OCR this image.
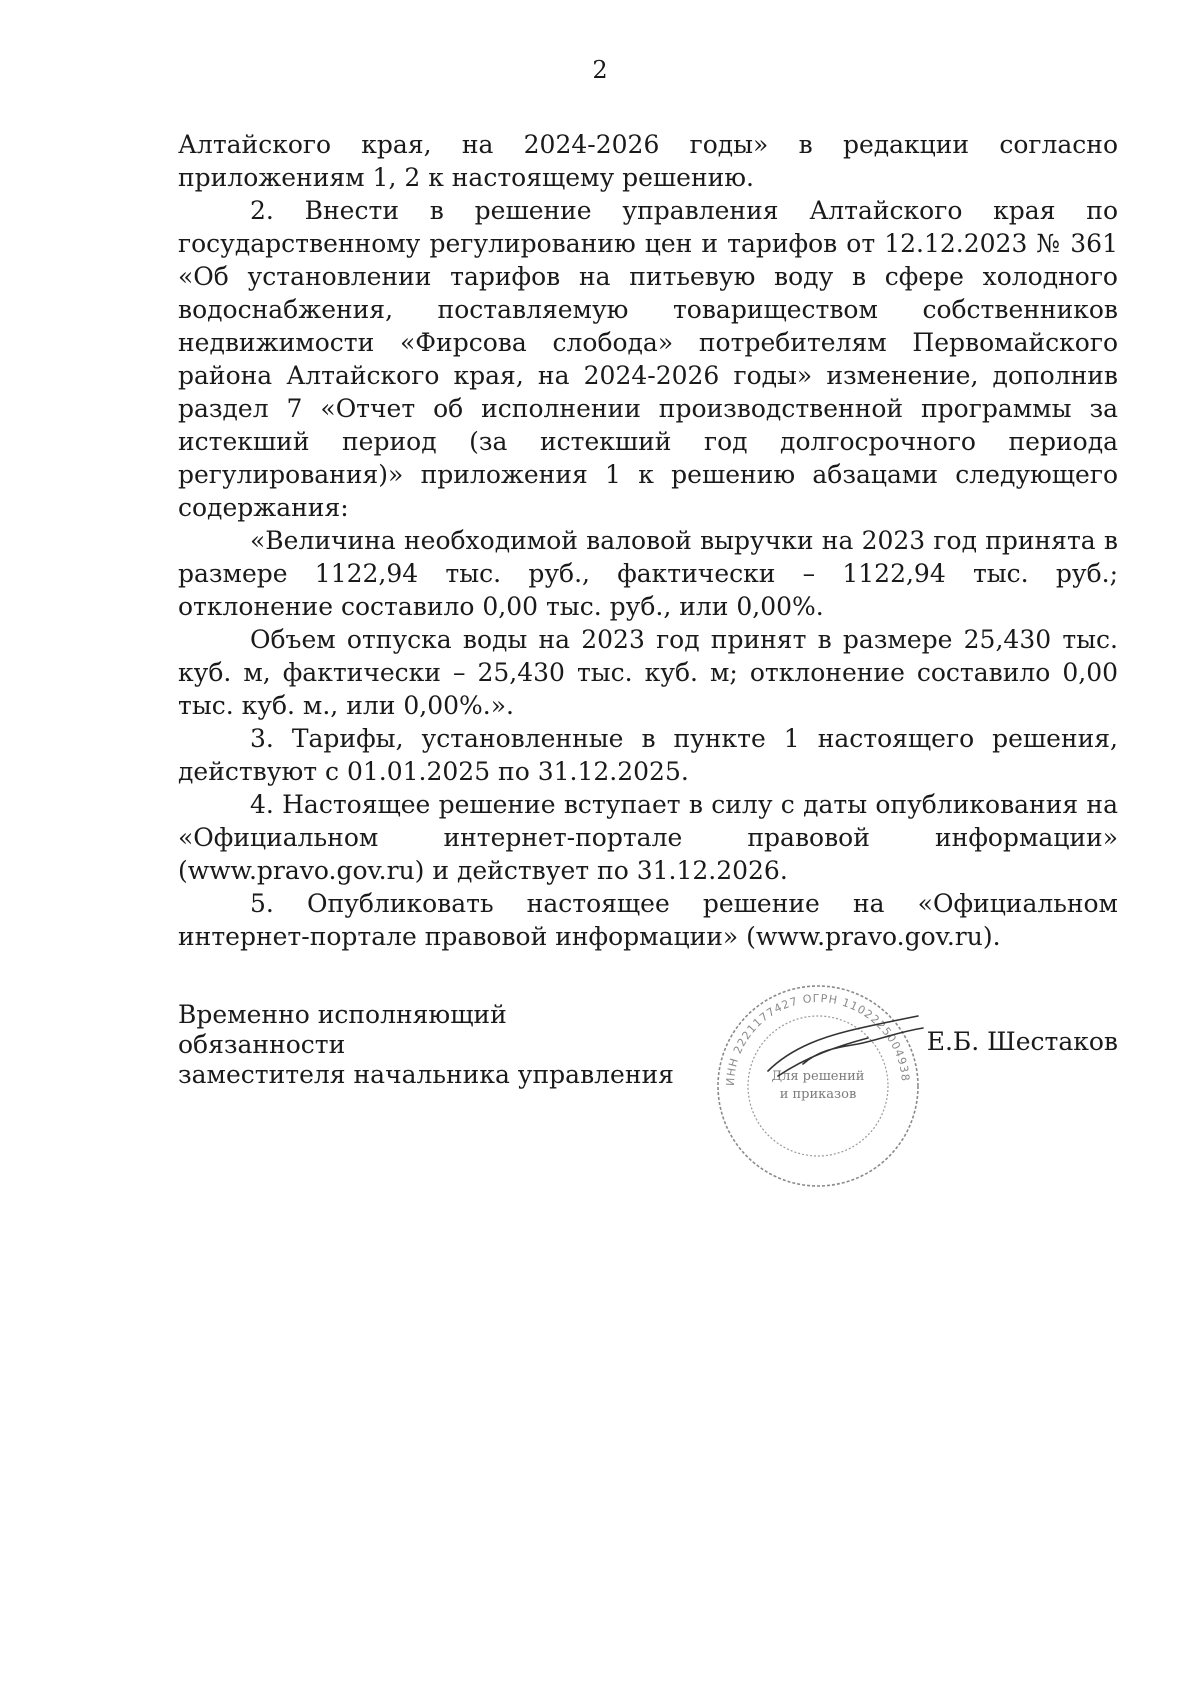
2

Алтайского края, на 2024-2026 годы» в редакции согласно приложениям 1, 2 к настоящему решению.

2. Внести в решение управления Алтайского края по государственному регулированию цен и тарифов от 12.12.2023 № 361 «Об установлении тарифов на питьевую воду в сфере холодного водоснабжения, поставляемую товариществом собственников недвижимости «Фирсова слобода» потребителям Первомайского района Алтайского края, на 2024-2026 годы» изменение, дополнив раздел 7 «Отчет об исполнении производственной программы за истекший период (за истекший год долгосрочного периода регулирования)» приложения 1 к решению абзацами следующего содержания:

«Величина необходимой валовой выручки на 2023 год принята в размере 1122,94 тыс. руб., фактически – 1122,94 тыс. руб.; отклонение составило 0,00 тыс. руб., или 0,00%.

Объем отпуска воды на 2023 год принят в размере 25,430 тыс. куб. м, фактически – 25,430 тыс. куб. м; отклонение составило 0,00 тыс. куб. м., или 0,00%.».

3. Тарифы, установленные в пункте 1 настоящего решения, действуют с 01.01.2025 по 31.12.2025.

4. Настоящее решение вступает в силу с даты опубликования на «Официальном интернет-портале правовой информации» (www.pravo.gov.ru) и действует по 31.12.2026.

5. Опубликовать настоящее решение на «Официальном интернет-портале правовой информации» (www.pravo.gov.ru).

Временно исполняющий обязанности
заместителя начальника управления	ИНН 2221177427 ОГРН 1102225004938
Для решений
и приказов
Е.Б. Шестаков
